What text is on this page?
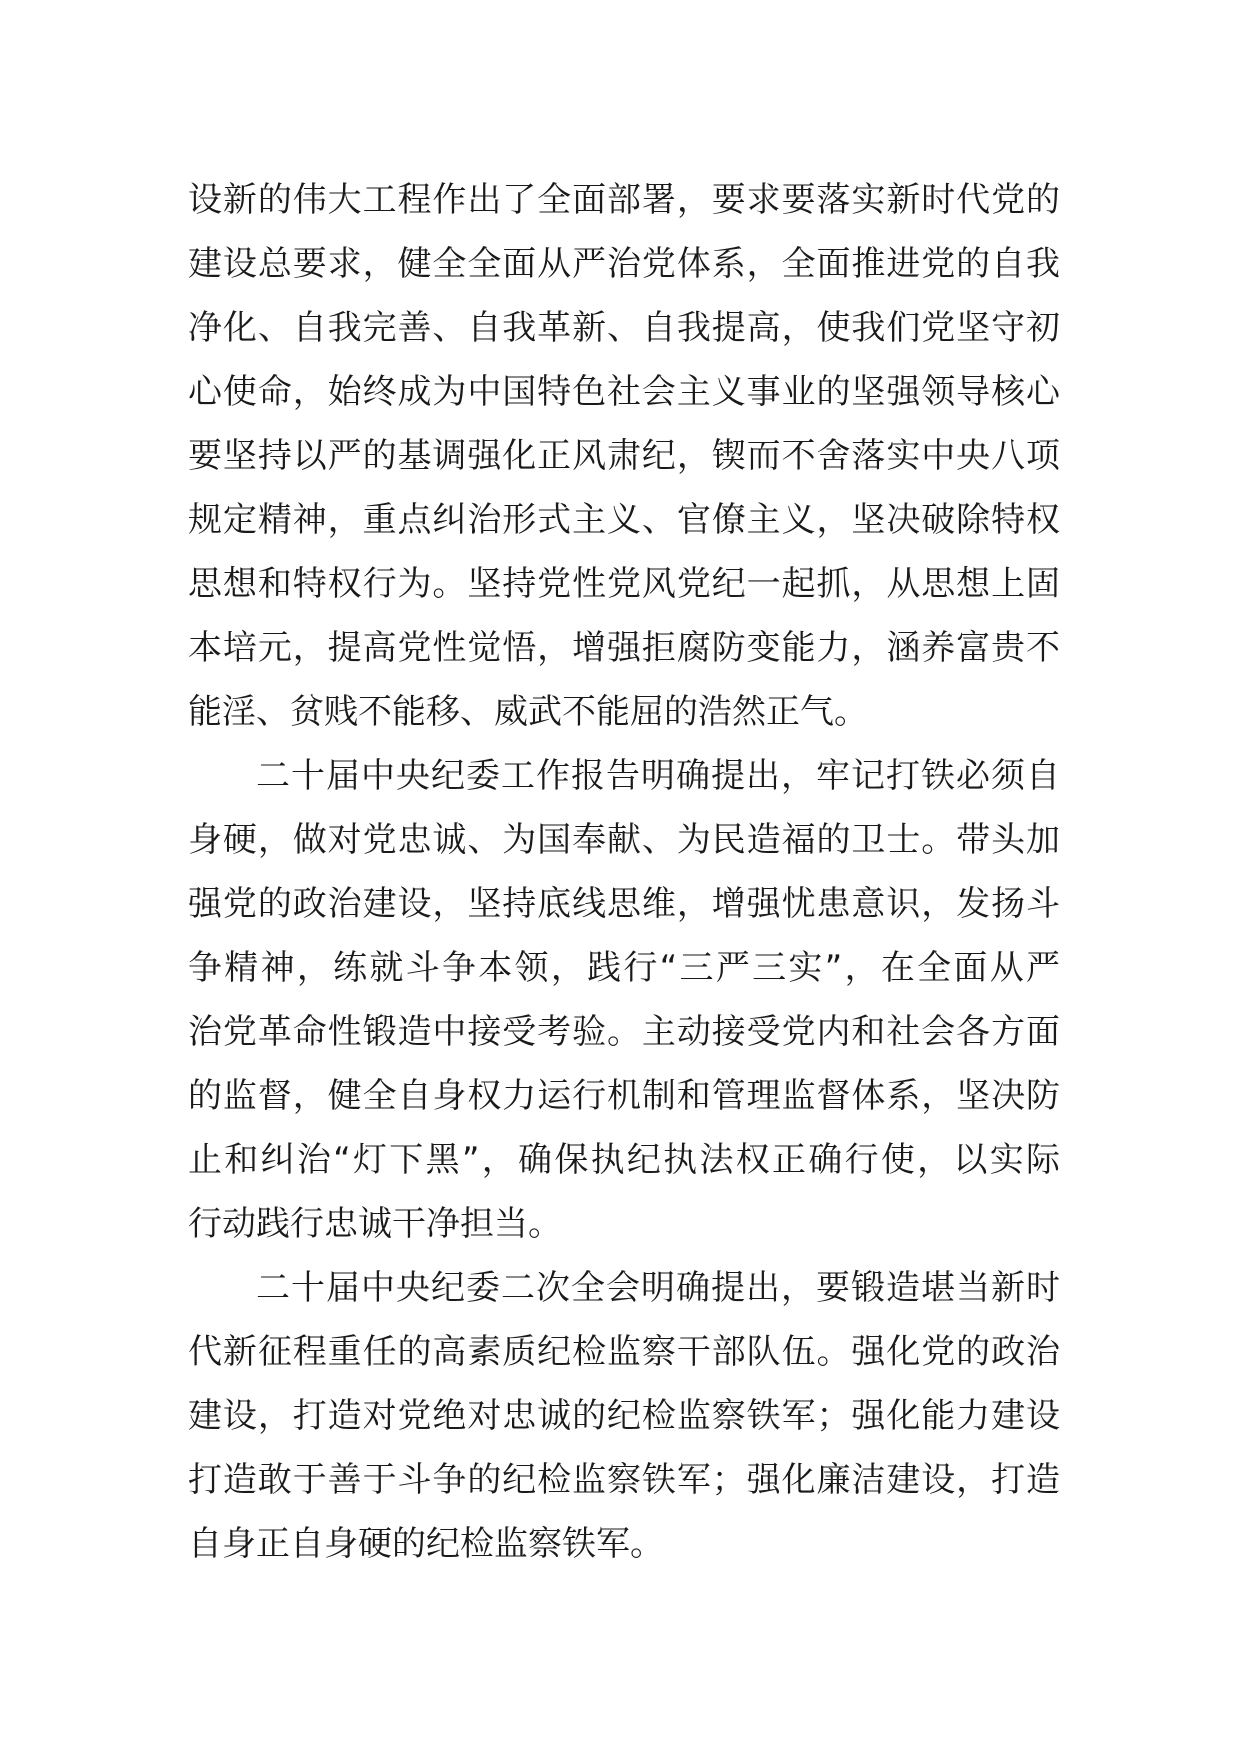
设新的伟大工程作出了全面部署，要求要落实新时代党的
建设总要求，健全全面从严治党体系，全面推进党的自我
净化、自我完善、自我革新、自我提高，使我们党坚守初
心使命，始终成为中国特色社会主义事业的坚强领导核心
要坚持以严的基调强化正风肃纪，锲而不舍落实中央八项
规定精神，重点纠治形式主义、官僚主义，坚决破除特权
思想和特权行为。坚持党性党风党纪一起抓，从思想上固
本培元，提高党性觉悟，增强拒腐防变能力，涵养富贵不
能淫、贫贱不能移、威武不能屈的浩然正气。
二十届中央纪委工作报告明确提出，牢记打铁必须自
身硬，做对党忠诚、为国奉献、为民造福的卫士。带头加
强党的政治建设，坚持底线思维，增强忧患意识，发扬斗
争精神，练就斗争本领，践行“三严三实”，在全面从严
治党革命性锻造中接受考验。主动接受党内和社会各方面
的监督，健全自身权力运行机制和管理监督体系，坚决防
止和纠治“灯下黑”，确保执纪执法权正确行使，以实际
行动践行忠诚干净担当。
二十届中央纪委二次全会明确提出，要锻造堪当新时
代新征程重任的高素质纪检监察干部队伍。强化党的政治
建设，打造对党绝对忠诚的纪检监察铁军；强化能力建设
打造敢于善于斗争的纪检监察铁军；强化廉洁建设，打造
自身正自身硬的纪检监察铁军。
